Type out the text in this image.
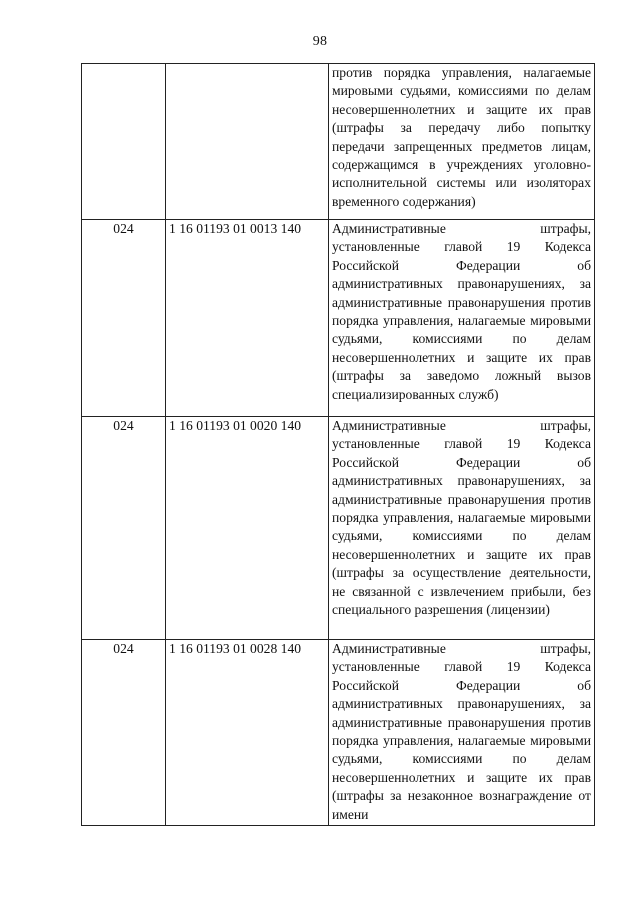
98
		против порядка управления, налагаемые мировыми судьями, комиссиями по делам несовершеннолетних и защите их прав (штрафы за передачу либо попытку передачи запрещенных предметов лицам, содержащимся в учреждениях уголовно-исполнительной системы или изоляторах временного содержания)
024	1 16 01193 01 0013 140	Административные штрафы, установленные главой 19 Кодекса Российской Федерации об административных правонарушениях, за административные правонарушения против порядка управления, налагаемые мировыми судьями, комиссиями по делам несовершеннолетних и защите их прав (штрафы за заведомо ложный вызов специализированных служб)
024	1 16 01193 01 0020 140	Административные штрафы, установленные главой 19 Кодекса Российской Федерации об административных правонарушениях, за административные правонарушения против порядка управления, налагаемые мировыми судьями, комиссиями по делам несовершеннолетних и защите их прав (штрафы за осуществление деятельности, не связанной с извлечением прибыли, без специального разрешения (лицензии)
024	1 16 01193 01 0028 140	Административные штрафы, установленные главой 19 Кодекса Российской Федерации об административных правонарушениях, за административные правонарушения против порядка управления, налагаемые мировыми судьями, комиссиями по делам несовершеннолетних и защите их прав (штрафы за незаконное вознаграждение от имени
